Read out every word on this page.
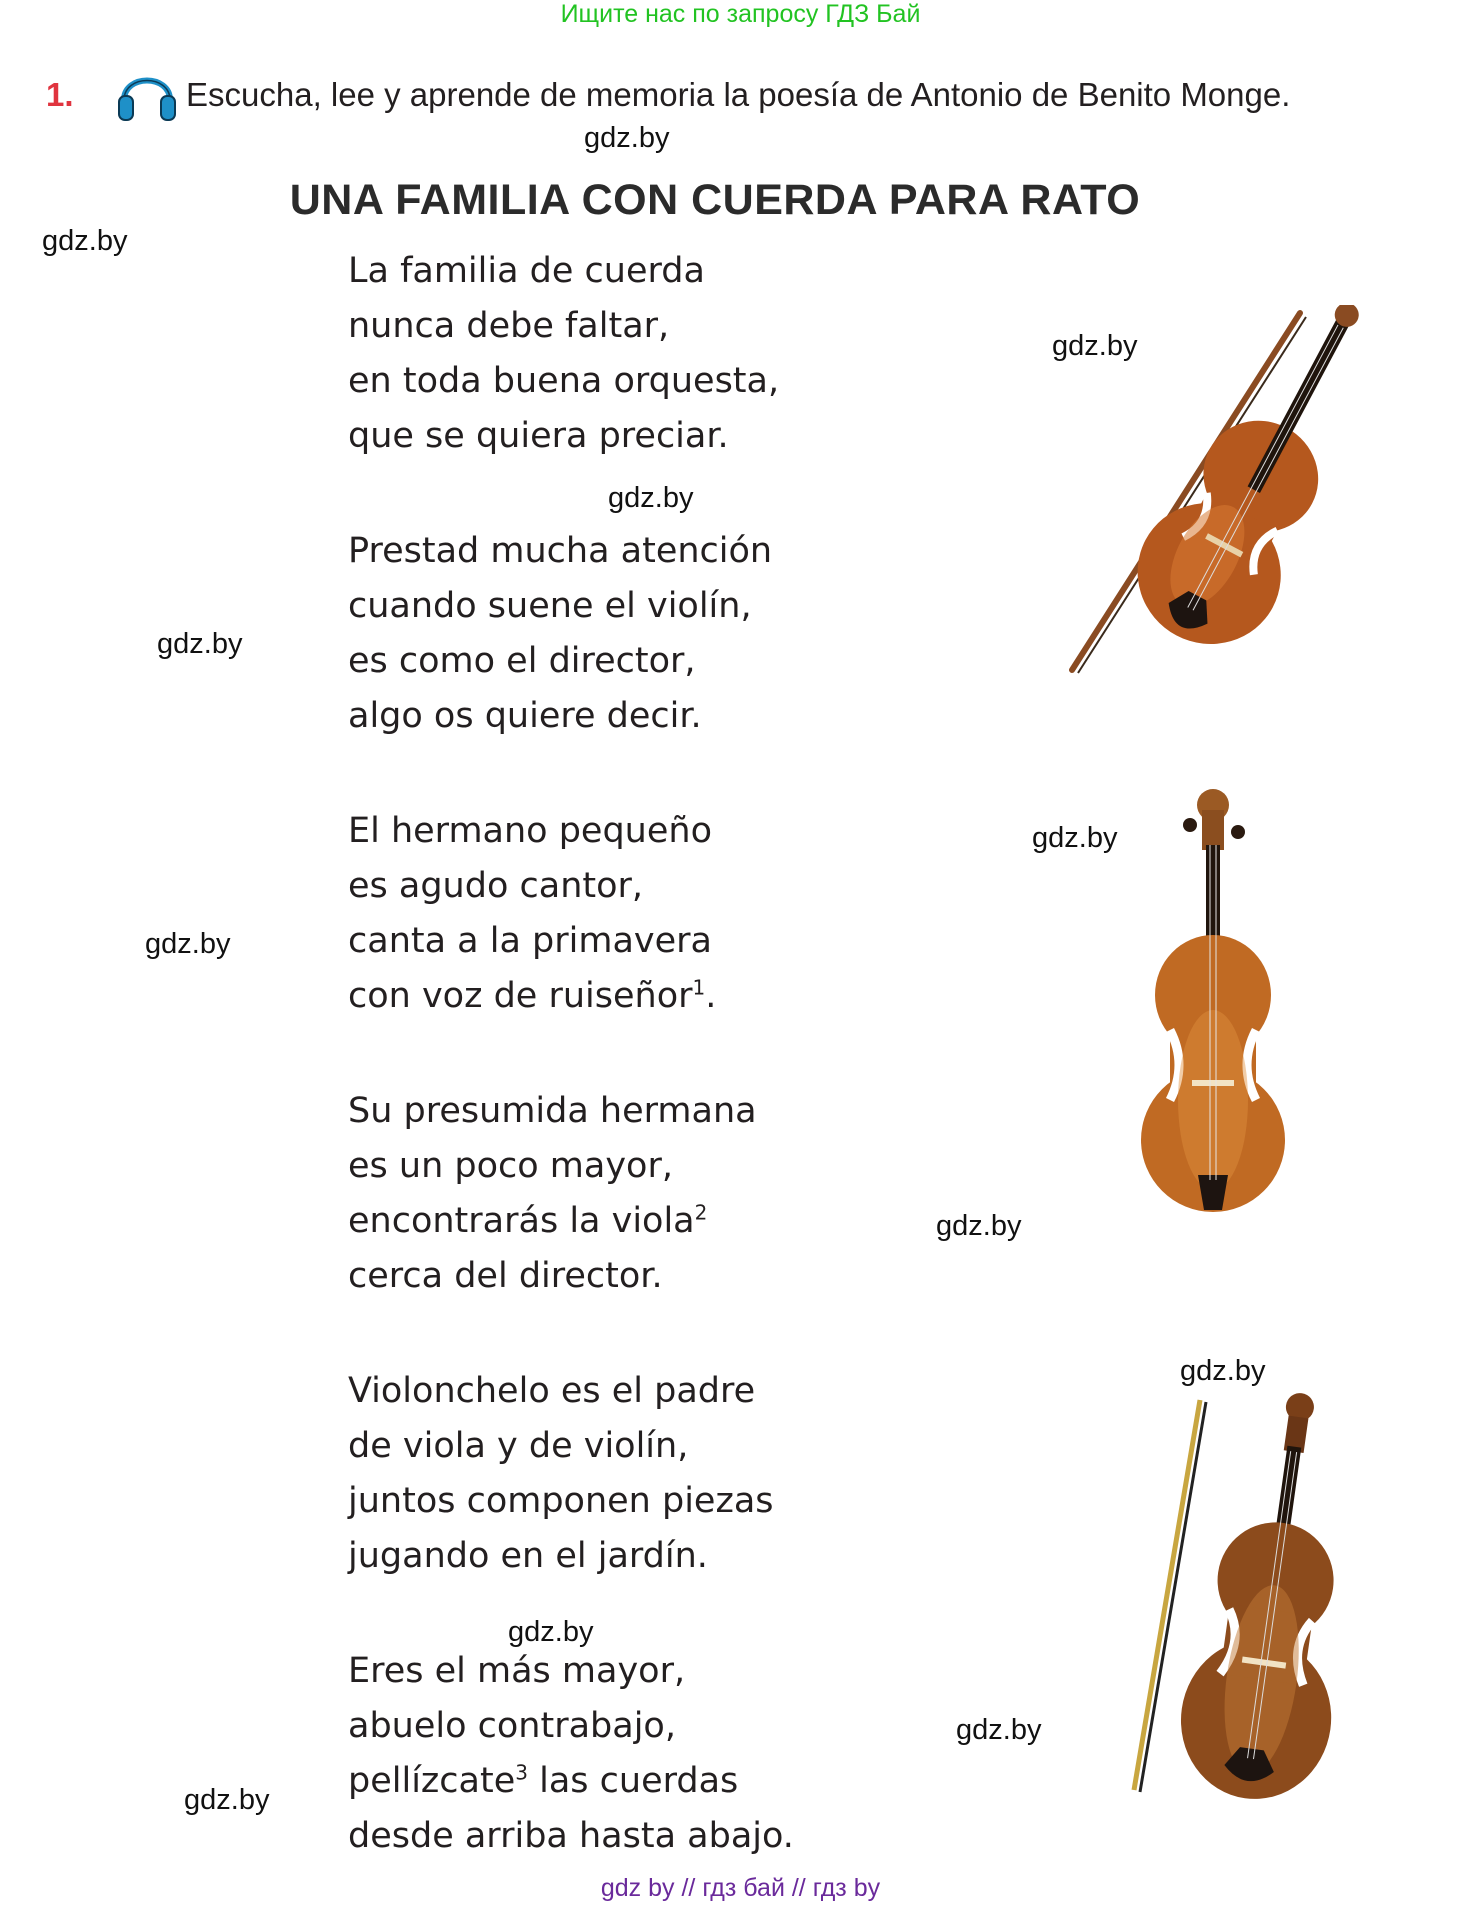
Ищите нас по запросу ГДЗ Бай
1.	Escucha, lee y aprende de memoria la poesía de Antonio de Benito Monge.
UNA FAMILIA CON CUERDA PARA RATO
La familia de cuerda
nunca debe faltar,
en toda buena orquesta,
que se quiera preciar.
Prestad mucha atención
cuando suene el violín,
es como el director,
algo os quiere decir.
El hermano pequeño
es agudo cantor,
canta a la primavera
con voz de ruiseñor$^1$.
Su presumida hermana
es un poco mayor,
encontrarás la viola$^2$
cerca del director.
Violonchelo es el padre
de viola y de violín,
juntos componen piezas
jugando en el jardín.
Eres el más mayor,
abuelo contrabajo,
pellízcate$^3$ las cuerdas
desde arriba hasta abajo.
gdz.by
gdz.by
gdz.by
gdz.by
gdz.by
gdz.by
gdz.by
gdz.by
gdz.by
gdz.by
gdz.by
gdz.by
gdz by // гдз бай // гдз by
